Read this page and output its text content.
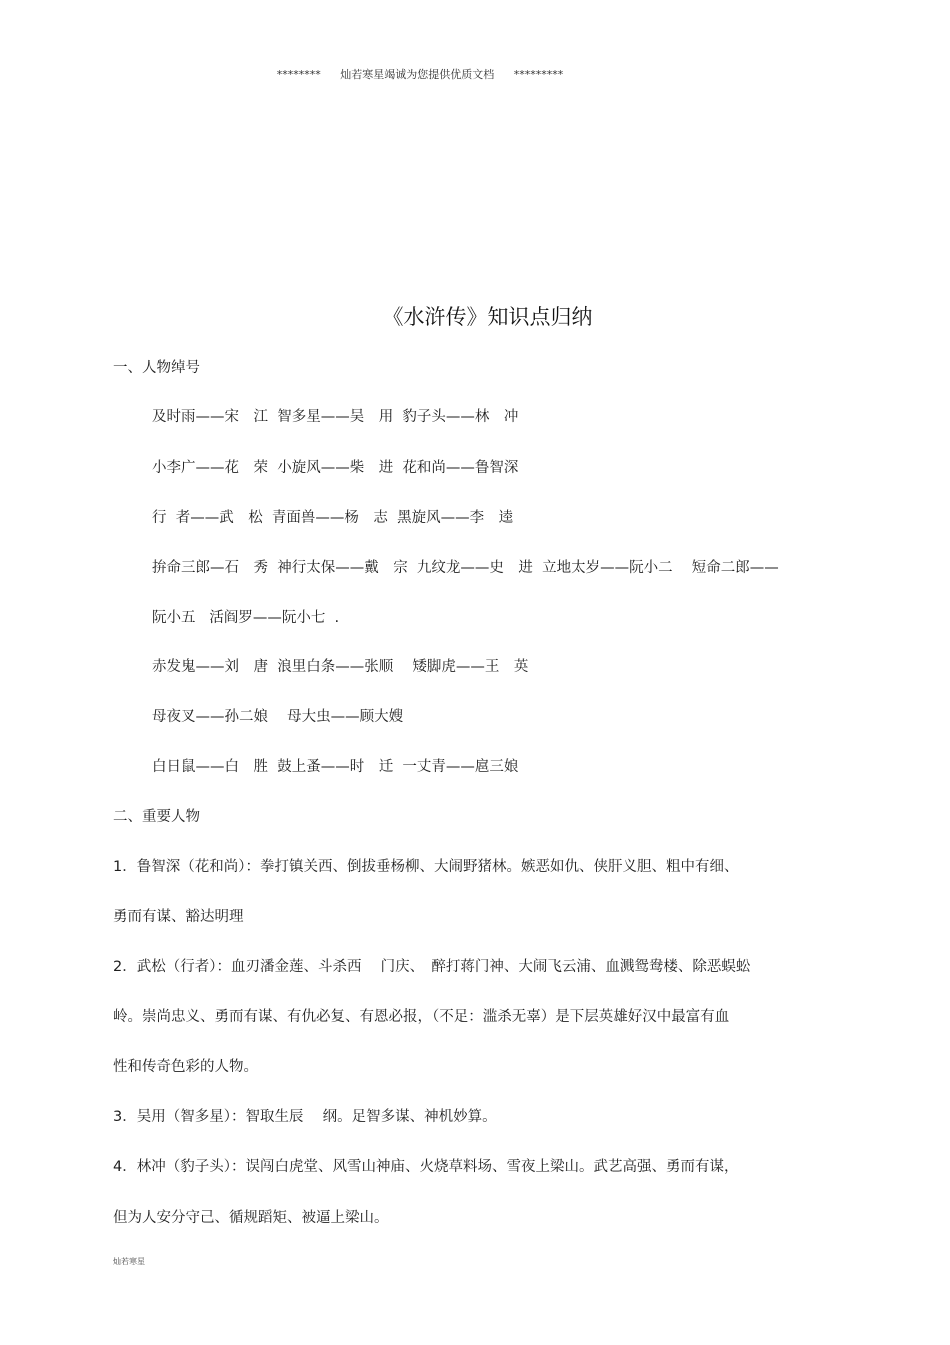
******** 灿若寒星竭诚为您提供优质文档 *********
《水浒传》知识点归纳
一、人物绰号
及时雨——宋　江  智多星——吴　用  豹子头——林　冲
小李广——花　荣  小旋风——柴　进  花和尚——鲁智深
行  者——武　松  青面兽——杨　志  黑旋风——李　逵
拚命三郎—石　秀  神行太保——戴　宗  九纹龙——史　进  立地太岁——阮小二　 短命二郎——
阮小五   活阎罗——阮小七  .
赤发鬼——刘　唐  浪里白条——张顺　 矮脚虎——王　英
母夜叉——孙二娘　 母大虫——顾大嫂
白日鼠——白　胜  鼓上蚤——时　迁  一丈青——扈三娘
二、重要人物
1．鲁智深（花和尚）：拳打镇关西、倒拔垂杨柳、大闹野猪林。嫉恶如仇、侠肝义胆、粗中有细、
勇而有谋、豁达明理
2．武松（行者）：血刃潘金莲、斗杀西　 门庆、　醉打蒋门神、大闹飞云浦、血溅鸳鸯楼、除恶蜈蚣
岭。崇尚忠义、勇而有谋、有仇必复、有恩必报，（不足：滥杀无辜）是下层英雄好汉中最富有血
性和传奇色彩的人物。
3．吴用（智多星）：智取生辰　 纲。足智多谋、神机妙算。
4．林冲（豹子头）：误闯白虎堂、风雪山神庙、火烧草料场、雪夜上梁山。武艺高强、勇而有谋，
但为人安分守己、循规蹈矩、被逼上梁山。
灿若寒星
